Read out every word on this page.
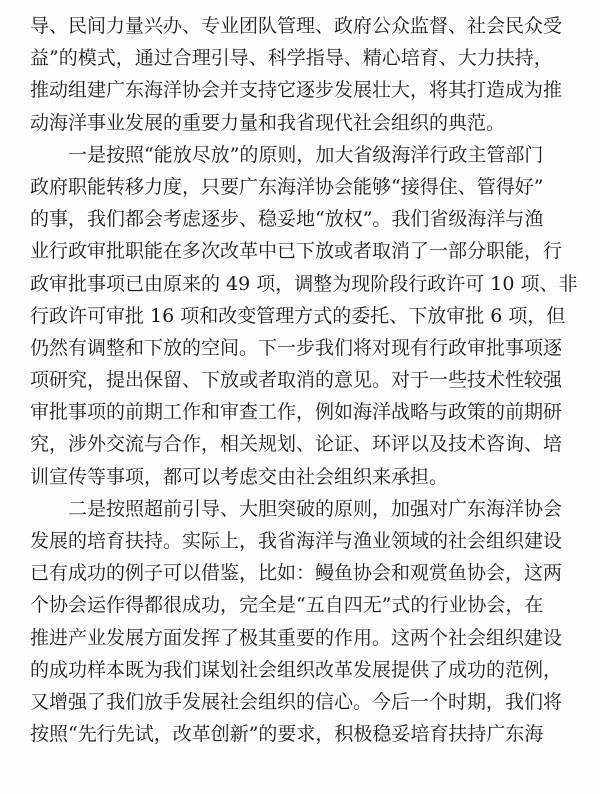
导、民间力量兴办、专业团队管理、政府公众监督、社会民众受
益”的模式，通过合理引导、科学指导、精心培育、大力扶持，
推动组建广东海洋协会并支持它逐步发展壮大，将其打造成为推
动海洋事业发展的重要力量和我省现代社会组织的典范。
　　一是按照“能放尽放”的原则，加大省级海洋行政主管部门
政府职能转移力度，只要广东海洋协会能够“接得住、管得好”
的事，我们都会考虑逐步、稳妥地“放权”。我们省级海洋与渔
业行政审批职能在多次改革中已下放或者取消了一部分职能，行
政审批事项已由原来的 49 项，调整为现阶段行政许可 10 项、非
行政许可审批 16 项和改变管理方式的委托、下放审批 6 项，但
仍然有调整和下放的空间。下一步我们将对现有行政审批事项逐
项研究，提出保留、下放或者取消的意见。对于一些技术性较强
审批事项的前期工作和审查工作，例如海洋战略与政策的前期研
究，涉外交流与合作，相关规划、论证、环评以及技术咨询、培
训宣传等事项，都可以考虑交由社会组织来承担。
　　二是按照超前引导、大胆突破的原则，加强对广东海洋协会
发展的培育扶持。实际上，我省海洋与渔业领域的社会组织建设
已有成功的例子可以借鉴，比如：鳗鱼协会和观赏鱼协会，这两
个协会运作得都很成功，完全是“五自四无”式的行业协会，在
推进产业发展方面发挥了极其重要的作用。这两个社会组织建设
的成功样本既为我们谋划社会组织改革发展提供了成功的范例，
又增强了我们放手发展社会组织的信心。今后一个时期，我们将
按照“先行先试，改革创新”的要求，积极稳妥培育扶持广东海
